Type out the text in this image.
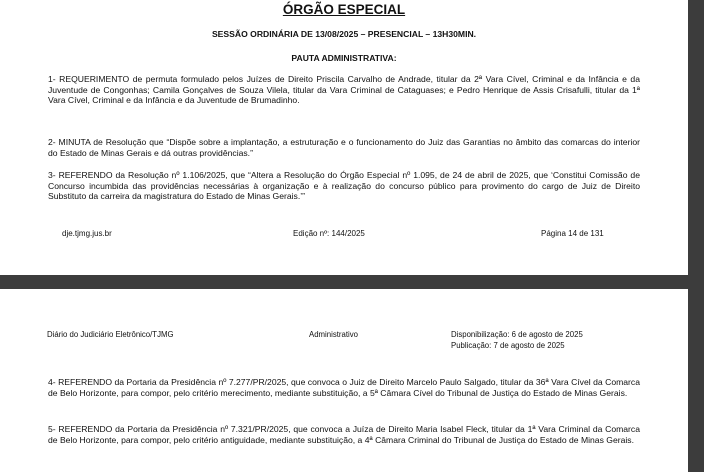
ÓRGÃO ESPECIAL
SESSÃO ORDINÁRIA DE 13/08/2025 – PRESENCIAL – 13H30MIN.
PAUTA ADMINISTRATIVA:
1- REQUERIMENTO de permuta formulado pelos Juízes de Direito Priscila Carvalho de Andrade, titular da 2ª Vara Cível, Criminal e da Infância e da Juventude de Congonhas; Camila Gonçalves de Souza Vilela, titular da Vara Criminal de Cataguases; e Pedro Henrique de Assis Crisafulli, titular da 1ª Vara Cível, Criminal e da Infância e da Juventude de Brumadinho.
2- MINUTA de Resolução que “Dispõe sobre a implantação, a estruturação e o funcionamento do Juiz das Garantias no âmbito das comarcas do interior do Estado de Minas Gerais e dá outras providências.”
3- REFERENDO da Resolução nº 1.106/2025, que “Altera a Resolução do Órgão Especial nº 1.095, de 24 de abril de 2025, que ‘Constitui Comissão de Concurso incumbida das providências necessárias à organização e à realização do concurso público para provimento do cargo de Juiz de Direito Substituto da carreira da magistratura do Estado de Minas Gerais.’”
dje.tjmg.jus.br	Edição nº: 144/2025	Página 14 de 131
Diário do Judiciário Eletrônico/TJMG	Administrativo	Disponibilização: 6 de agosto de 2025
Publicação: 7 de agosto de 2025
4- REFERENDO da Portaria da Presidência nº 7.277/PR/2025, que convoca o Juiz de Direito Marcelo Paulo Salgado, titular da 36ª Vara Cível da Comarca de Belo Horizonte, para compor, pelo critério merecimento, mediante substituição, a 5ª Câmara Cível do Tribunal de Justiça do Estado de Minas Gerais.
5- REFERENDO da Portaria da Presidência nº 7.321/PR/2025, que convoca a Juíza de Direito Maria Isabel Fleck, titular da 1ª Vara Criminal da Comarca de Belo Horizonte, para compor, pelo critério antiguidade, mediante substituição, a 4ª Câmara Criminal do Tribunal de Justiça do Estado de Minas Gerais.
